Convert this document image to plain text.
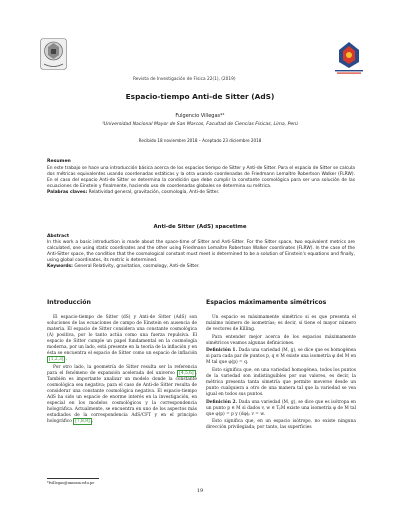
Revista de Investigación de Física 22(1), (2019)
Espacio-tiempo Anti-de Sitter (AdS)
Fulgencio Villegas*¹
¹Universidad Nacional Mayor de San Marcos, Facultad de Ciencias Físicas, Lima, Perú
Recibido 18 noviembre 2018 – Aceptado 23 diciembre 2018
Resumen
En este trabajo se hace una introducción básica acerca de los espacios tiempo de Sitter y Anti-de Sitter. Para el espacio de Sitter se calcula dos métricas equivalentes usando coordenadas estáticas y la otra usando coordenadas de Friedmann Lemaître Robertson Walker (FLRW). En el caso del espacio Anti-de Sitter se determina la condición que debe cumplir la constante cosmológica para ser una solución de las ecuaciones de Einstein y finalmente, haciendo uso de coordenadas globales se determina su métrica.
Palabras claves: Relatividad general, gravitación, cosmología, Anti-de Sitter.
Anti-de Sitter (AdS) spacetime
Abstract
In this work a basic introduction is made about the space-time of Sitter and Anti-Sitter. For the Sitter space, two equivalent metrics are calculated, one using static coordinates and the other using Friedmann Lemaître Robertson Walker coordinates (FLRW). In the case of the Anti-Sitter space, the condition that the cosmological constant must meet is determined to be a solution of Einstein's equations and finally, using global coordinates, its metric is determined.
Keywords: General Relativity, gravitation, cosmology, Anti-de Sitter.
Introducción

El espacio-tiempo de Sitter (dS) y Anti-de Sitter (AdS) son soluciones de las ecuaciones de campo de Einstein en ausencia de materia. El espacio de Sitter considera una constante cosmológica (Λ) positiva, por lo tanto actúa como una fuerza repulsiva. El espacio de Sitter cumple un papel fundamental en la cosmología moderna, por un lado, está presente en la teoría de la inflación y en ésta se encuentra el espacio de Sitter como un espacio de inflación [1,2,3] .

Por otro lado, la geometría de Sitter resulta ser la referencia para el fenómeno de expansión acelerada del universo [4,5,6] . También es importante analizar un modelo donde la constante cosmológica sea negativa; para el caso de Anti-de Sitter resulta de considerar una constante cosmológica negativa. El espacio-tiempo AdS ha sido un espacio de enorme interés en la investigación, en especial en los modelos cosmológicos y la correspondencia holográfica. Actualmente, se encuentra en uno de los aspectos más estudiados de la correspondencia AdS/CFT y en el principio holográfico [7,8,9] .

Espacios máximamente simétricos

Un espacio es máximamente simétrico si es que presenta el máximo número de isometrías; es decir, si tiene el mayor número de vectores de Killing.

Para entender mejor acerca de los espacios máximamente simétricos veamos algunas definiciones.

Definición 1. Dada una variedad (M, g), se dice que es homogénea si para cada par de puntos p, q ∈ M existe una isometría φ del M en M tal que φ(p) = q.

Esto significa que, en una variedad homogénea, todos los puntos de la variedad son indistinguibles por sus valores, es decir, la métrica presenta tanta simetría que permite moverse desde un punto cualquiera a otro de una manera tal que la variedad se vea igual en todos sus puntos.

Definición 2. Dada una variedad (M, g), se dice que es isótropa en un punto p ∈ M si dados v, w ∈ TₚM existe una isometría φ de M tal que φ(p) = p y (dφ)ₚ v = w.

Esto significa que, en un espacio isótropo, no existe ninguna dirección privilegiada; por tanto, las superficies

*fvillegas@unmsm.edu.pe
19
